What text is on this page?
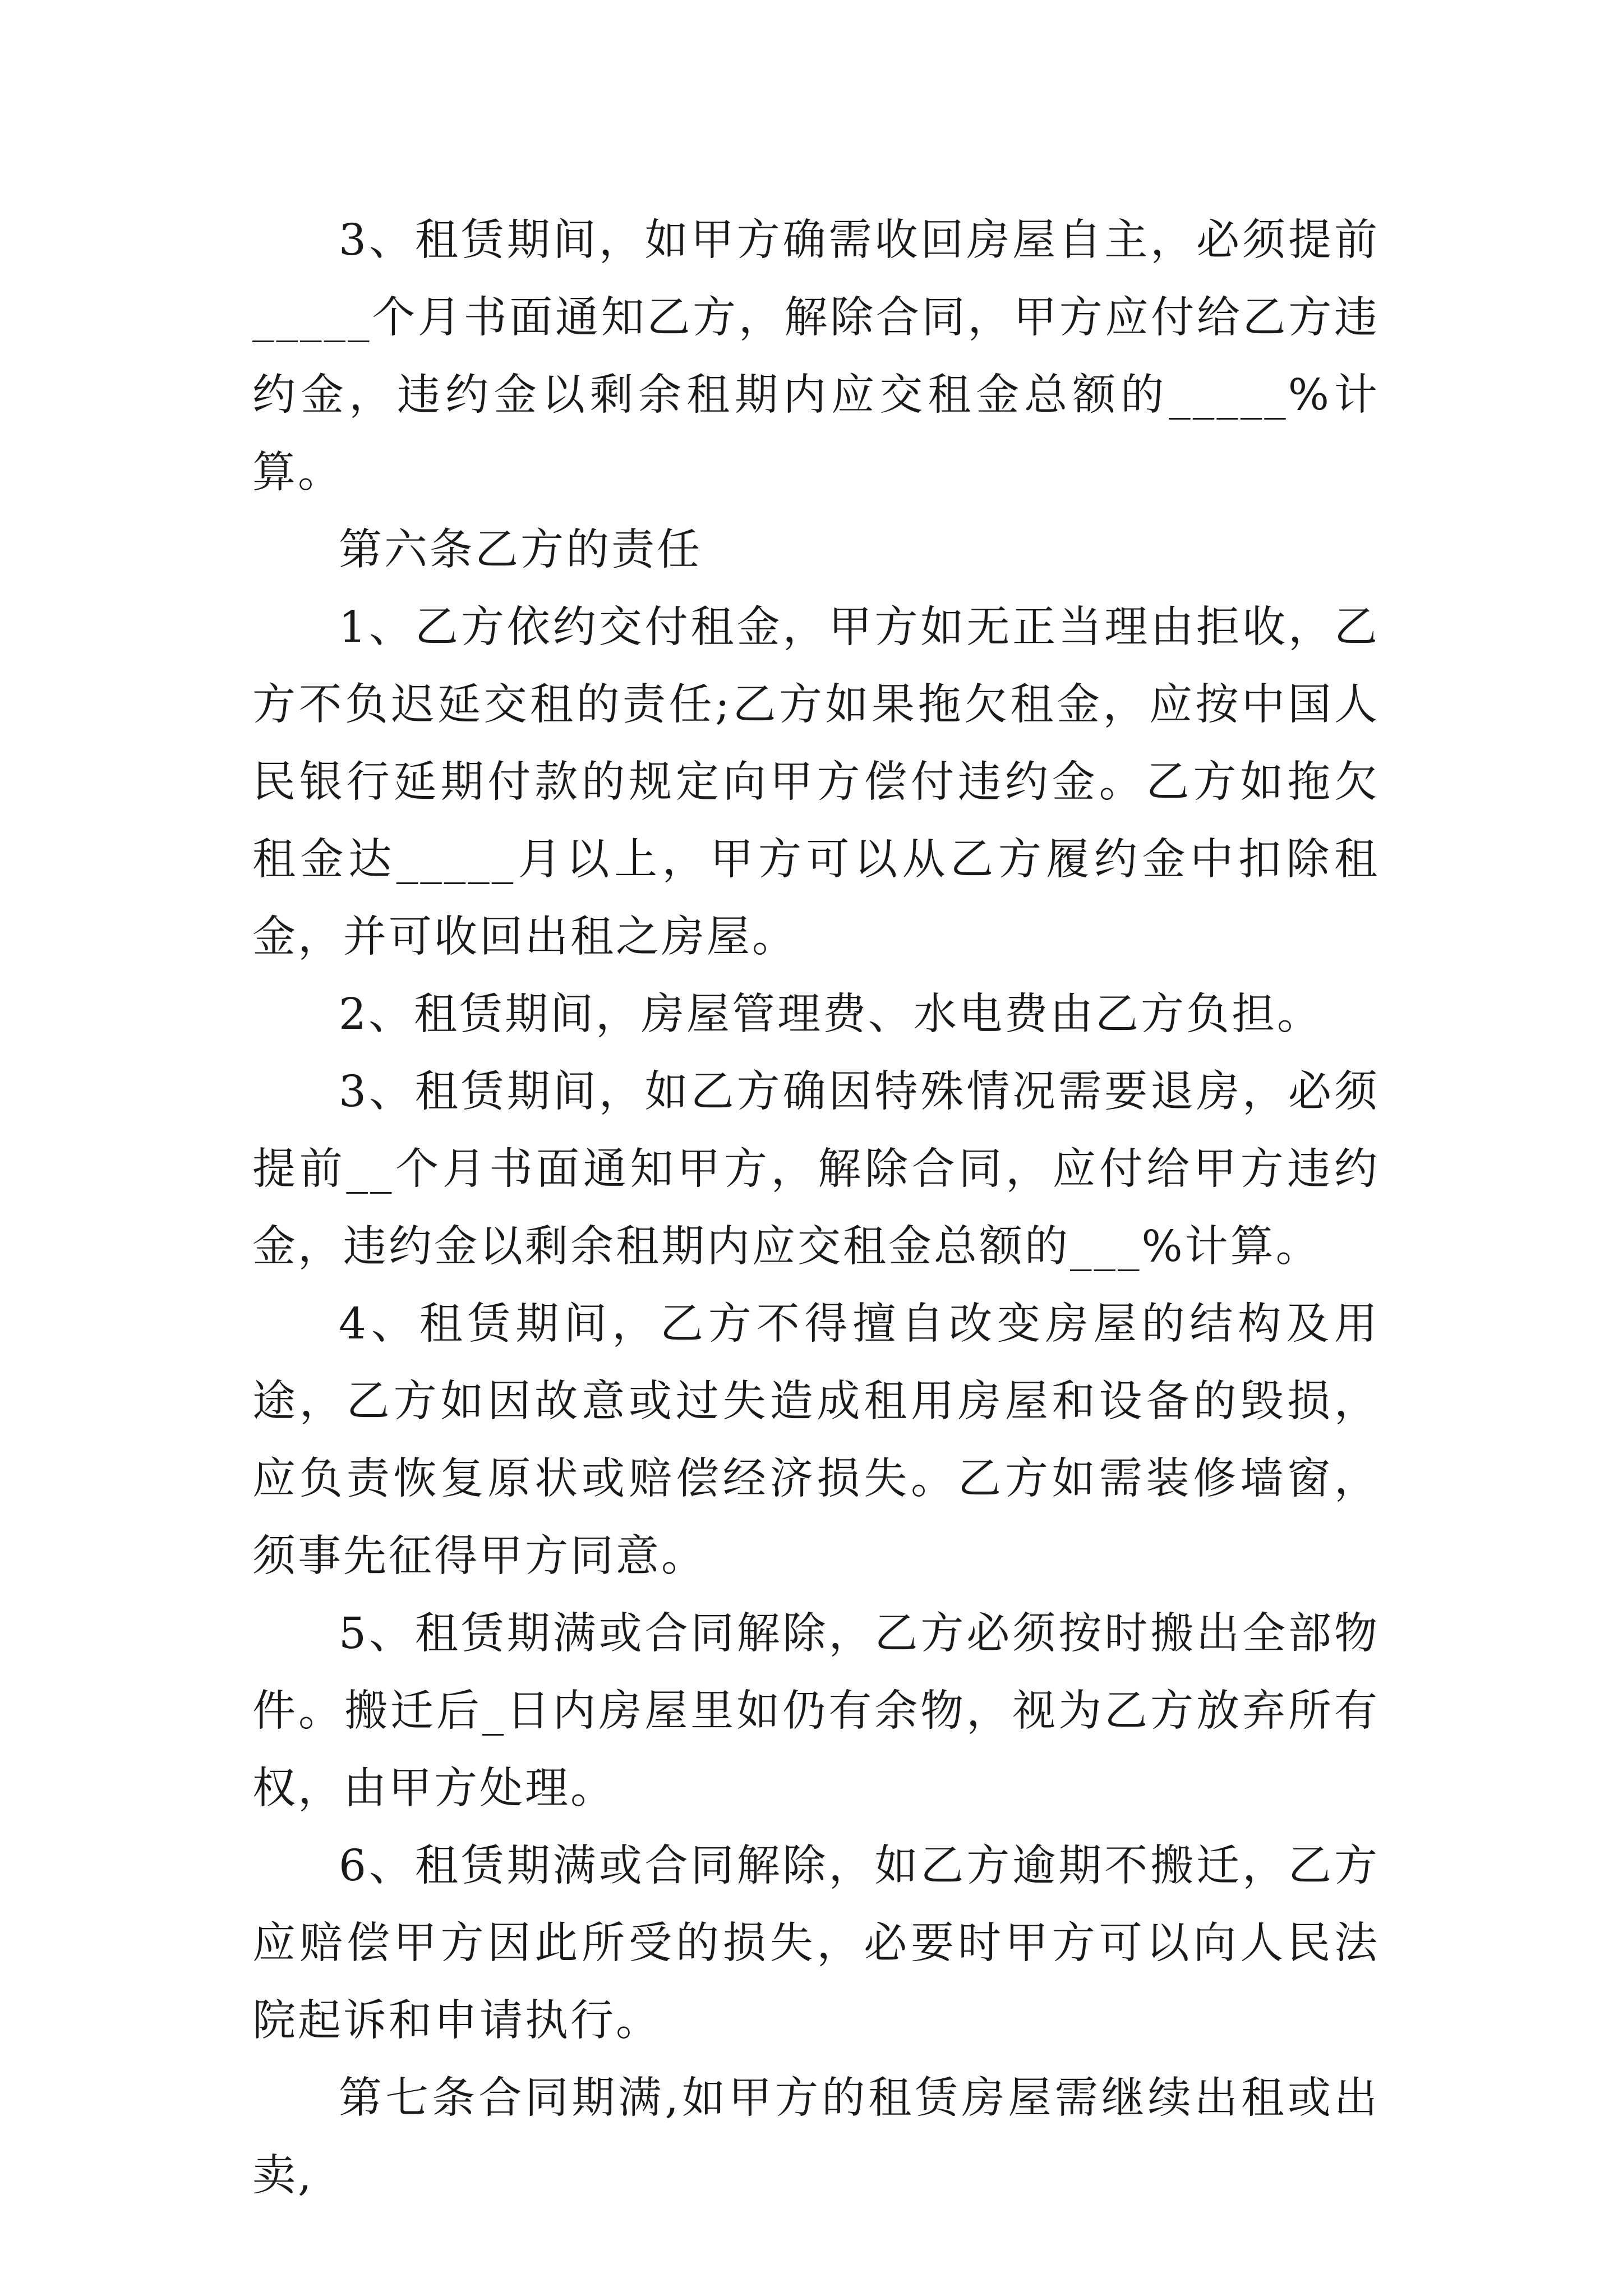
3、租赁期间，如甲方确需收回房屋自主，必须提前_____个月书面通知乙方，解除合同，甲方应付给乙方违约金，违约金以剩余租期内应交租金总额的_____%计算。

第六条乙方的责任

1、乙方依约交付租金，甲方如无正当理由拒收，乙方不负迟延交租的责任;乙方如果拖欠租金，应按中国人民银行延期付款的规定向甲方偿付违约金。乙方如拖欠租金达_____月以上，甲方可以从乙方履约金中扣除租金，并可收回出租之房屋。

2、租赁期间，房屋管理费、水电费由乙方负担。

3、租赁期间，如乙方确因特殊情况需要退房，必须提前__个月书面通知甲方，解除合同，应付给甲方违约金，违约金以剩余租期内应交租金总额的___%计算。

4、租赁期间，乙方不得擅自改变房屋的结构及用途，乙方如因故意或过失造成租用房屋和设备的毁损，应负责恢复原状或赔偿经济损失。乙方如需装修墙窗，须事先征得甲方同意。

5、租赁期满或合同解除，乙方必须按时搬出全部物件。搬迁后_日内房屋里如仍有余物，视为乙方放弃所有权，由甲方处理。

6、租赁期满或合同解除，如乙方逾期不搬迁，乙方应赔偿甲方因此所受的损失，必要时甲方可以向人民法院起诉和申请执行。

第七条合同期满,如甲方的租赁房屋需继续出租或出卖,
